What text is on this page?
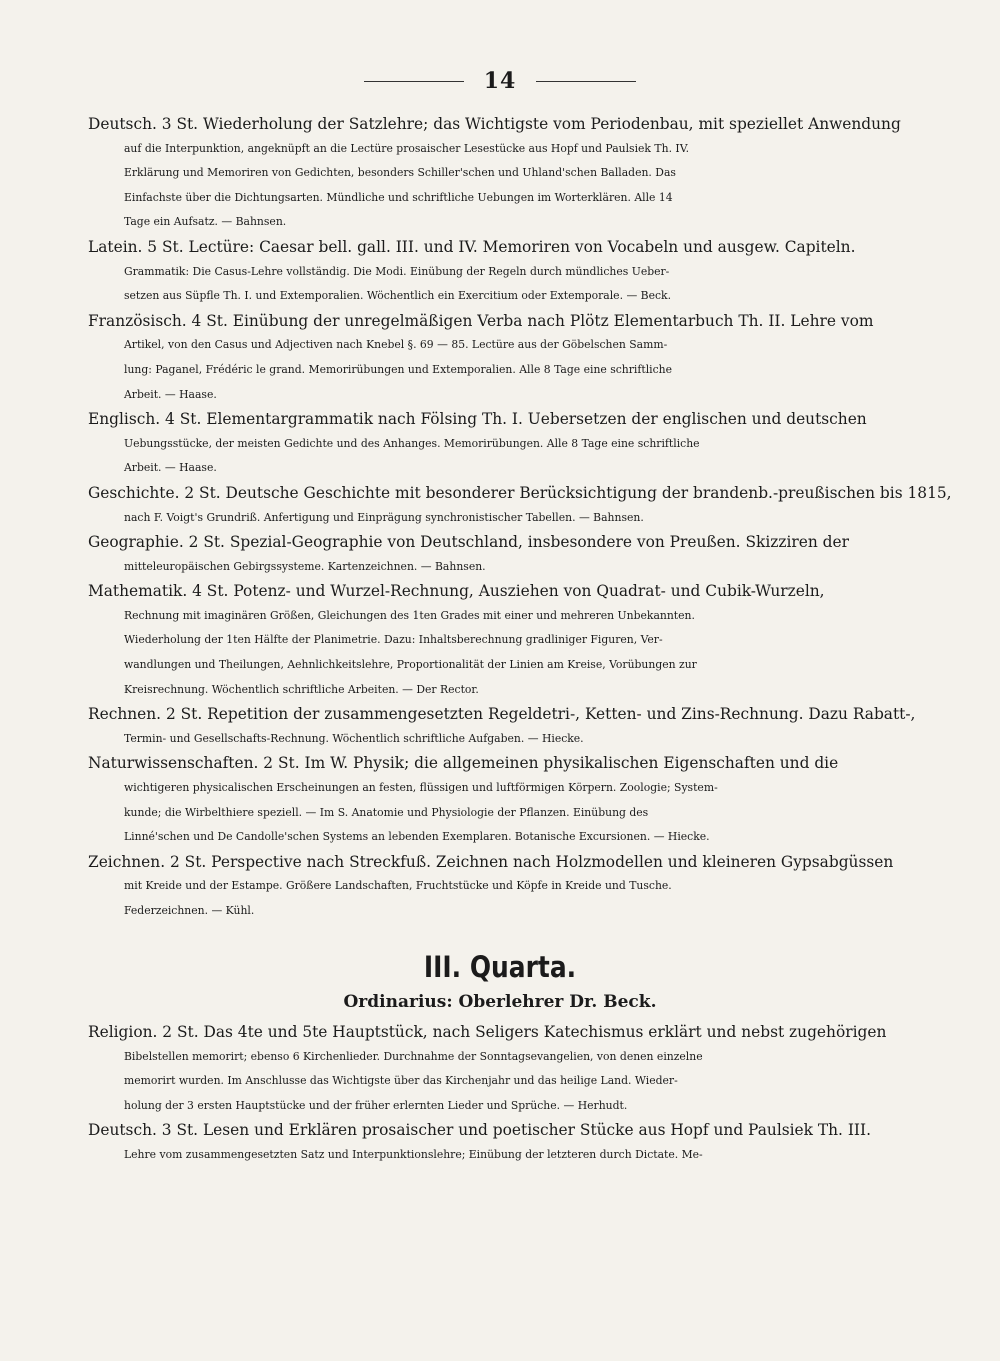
14
Deutsch. 3 St. Wiederholung der Satzlehre; das Wichtigste vom Periodenbau, mit speziellet Anwendung
auf die Interpunktion, angeknüpft an die Lectüre prosaischer Lesestücke aus Hopf und Paulsiek Th. IV.
Erklärung und Memoriren von Gedichten, besonders Schiller'schen und Uhland'schen Balladen. Das
Einfachste über die Dichtungsarten. Mündliche und schriftliche Uebungen im Worterklären. Alle 14
Tage ein Aufsatz. — Bahnsen.
Latein. 5 St. Lectüre: Caesar bell. gall. III. und IV. Memoriren von Vocabeln und ausgew. Capiteln.
Grammatik: Die Casus-Lehre vollständig. Die Modi. Einübung der Regeln durch mündliches Ueber-
setzen aus Süpfle Th. I. und Extemporalien. Wöchentlich ein Exercitium oder Extemporale. — Beck.
Französisch. 4 St. Einübung der unregelmäßigen Verba nach Plötz Elementarbuch Th. II. Lehre vom
Artikel, von den Casus und Adjectiven nach Knebel §. 69 — 85. Lectüre aus der Göbelschen Samm-
lung: Paganel, Frédéric le grand. Memorirübungen und Extemporalien. Alle 8 Tage eine schriftliche
Arbeit. — Haase.
Englisch. 4 St. Elementargrammatik nach Fölsing Th. I. Uebersetzen der englischen und deutschen
Uebungsstücke, der meisten Gedichte und des Anhanges. Memorirübungen. Alle 8 Tage eine schriftliche
Arbeit. — Haase.
Geschichte. 2 St. Deutsche Geschichte mit besonderer Berücksichtigung der brandenb.-preußischen bis 1815,
nach F. Voigt's Grundriß. Anfertigung und Einprägung synchronistischer Tabellen. — Bahnsen.
Geographie. 2 St. Spezial-Geographie von Deutschland, insbesondere von Preußen. Skizziren der
mitteleuropäischen Gebirgssysteme. Kartenzeichnen. — Bahnsen.
Mathematik. 4 St. Potenz- und Wurzel-Rechnung, Ausziehen von Quadrat- und Cubik-Wurzeln,
Rechnung mit imaginären Größen, Gleichungen des 1ten Grades mit einer und mehreren Unbekannten.
Wiederholung der 1ten Hälfte der Planimetrie. Dazu: Inhaltsberechnung gradliniger Figuren, Ver-
wandlungen und Theilungen, Aehnlichkeitslehre, Proportionalität der Linien am Kreise, Vorübungen zur
Kreisrechnung. Wöchentlich schriftliche Arbeiten. — Der Rector.
Rechnen. 2 St. Repetition der zusammengesetzten Regeldetri-, Ketten- und Zins-Rechnung. Dazu Rabatt-,
Termin- und Gesellschafts-Rechnung. Wöchentlich schriftliche Aufgaben. — Hiecke.
Naturwissenschaften. 2 St. Im W. Physik; die allgemeinen physikalischen Eigenschaften und die
wichtigeren physicalischen Erscheinungen an festen, flüssigen und luftförmigen Körpern. Zoologie; System-
kunde; die Wirbelthiere speziell. — Im S. Anatomie und Physiologie der Pflanzen. Einübung des
Linné'schen und De Candolle'schen Systems an lebenden Exemplaren. Botanische Excursionen. — Hiecke.
Zeichnen. 2 St. Perspective nach Streckfuß. Zeichnen nach Holzmodellen und kleineren Gypsabgüssen
mit Kreide und der Estampe. Größere Landschaften, Fruchtstücke und Köpfe in Kreide und Tusche.
Federzeichnen. — Kühl.
III. Quarta.
Ordinarius: Oberlehrer Dr. Beck.
Religion. 2 St. Das 4te und 5te Hauptstück, nach Seligers Katechismus erklärt und nebst zugehörigen
Bibelstellen memorirt; ebenso 6 Kirchenlieder. Durchnahme der Sonntagsevangelien, von denen einzelne
memorirt wurden. Im Anschlusse das Wichtigste über das Kirchenjahr und das heilige Land. Wieder-
holung der 3 ersten Hauptstücke und der früher erlernten Lieder und Sprüche. — Herhudt.
Deutsch. 3 St. Lesen und Erklären prosaischer und poetischer Stücke aus Hopf und Paulsiek Th. III.
Lehre vom zusammengesetzten Satz und Interpunktionslehre; Einübung der letzteren durch Dictate. Me-
